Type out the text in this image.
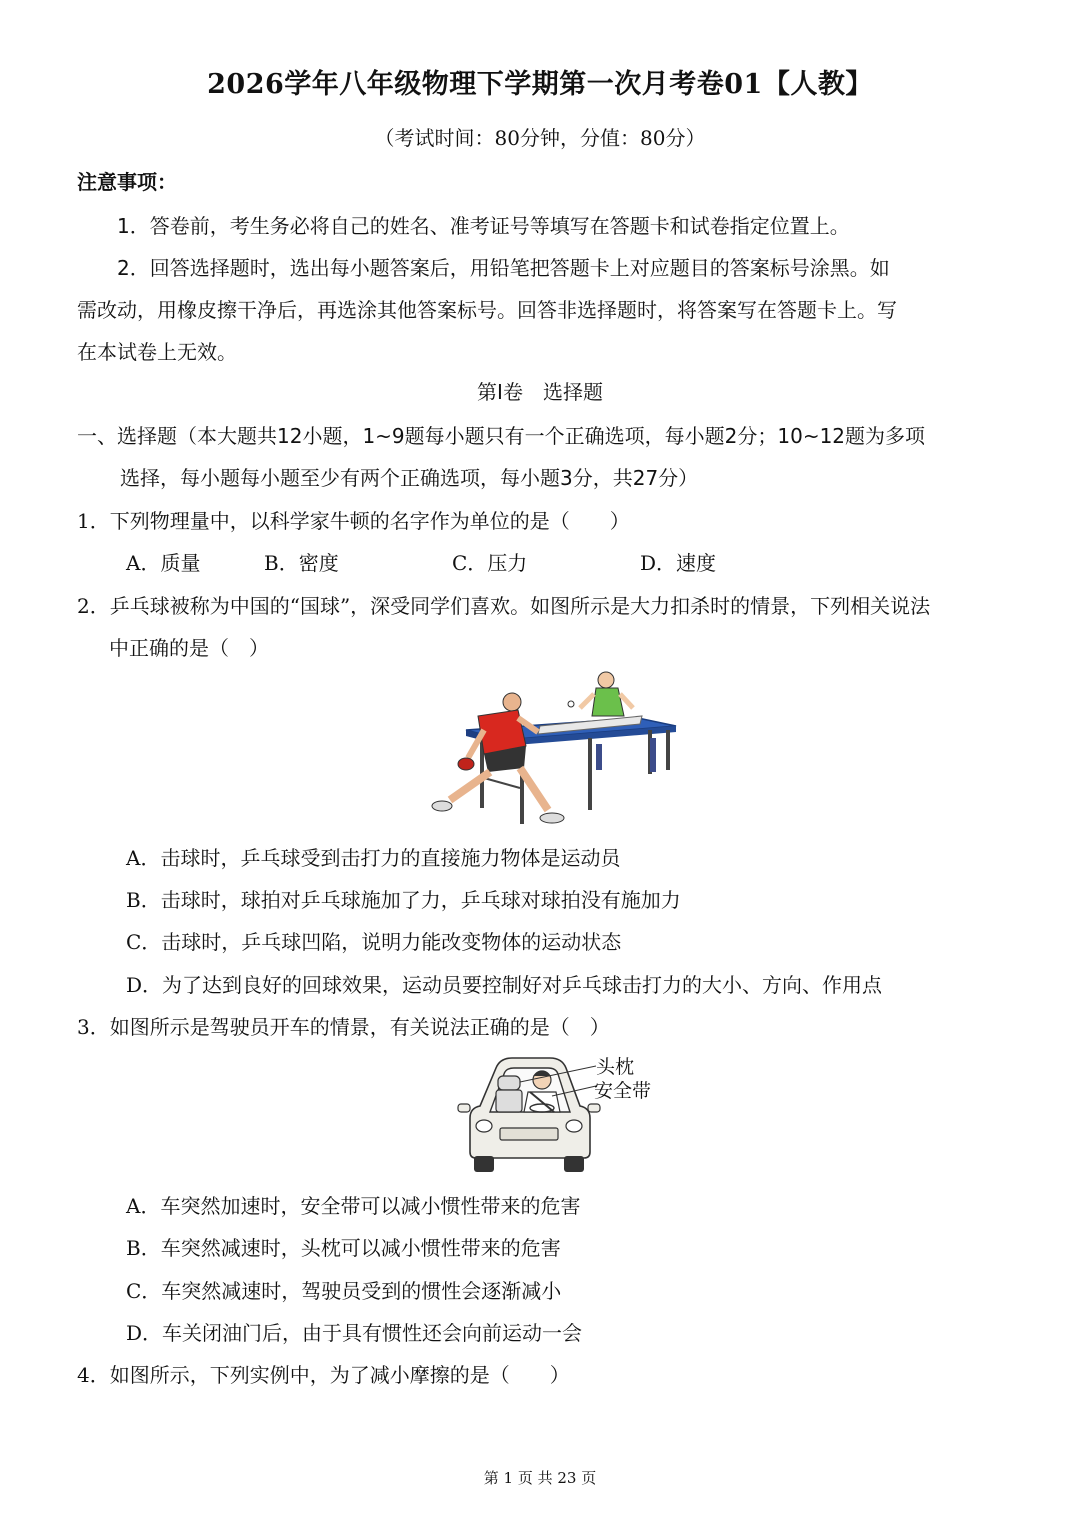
2026学年八年级物理下学期第一次月考卷01【人教】
（考试时间：80分钟，分值：80分）
注意事项：
1．答卷前，考生务必将自己的姓名、准考证号等填写在答题卡和试卷指定位置上。
2．回答选择题时，选出每小题答案后，用铅笔把答题卡上对应题目的答案标号涂黑。如
需改动，用橡皮擦干净后，再选涂其他答案标号。回答非选择题时，将答案写在答题卡上。写
在本试卷上无效。
第Ⅰ卷　选择题
一、选择题（本大题共12小题，1~9题每小题只有一个正确选项，每小题2分；10~12题为多项
选择，每小题每小题至少有两个正确选项，每小题3分，共27分）
1．下列物理量中，以科学家牛顿的名字作为单位的是（　　）
A．质量	B．密度	C．压力	D．速度
2．乒乓球被称为中国的“国球”，深受同学们喜欢。如图所示是大力扣杀时的情景，下列相关说法
中正确的是（　）
A．击球时，乒乓球受到击打力的直接施力物体是运动员
B．击球时，球拍对乒乓球施加了力，乒乓球对球拍没有施加力
C．击球时，乒乓球凹陷，说明力能改变物体的运动状态
D．为了达到良好的回球效果，运动员要控制好对乒乓球击打力的大小、方向、作用点
3．如图所示是驾驶员开车的情景，有关说法正确的是（　）
头枕
安全带
A．车突然加速时，安全带可以减小惯性带来的危害
B．车突然减速时，头枕可以减小惯性带来的危害
C．车突然减速时，驾驶员受到的惯性会逐渐减小
D．车关闭油门后，由于具有惯性还会向前运动一会
4．如图所示，下列实例中，为了减小摩擦的是（　　）
第 1 页 共 23 页
